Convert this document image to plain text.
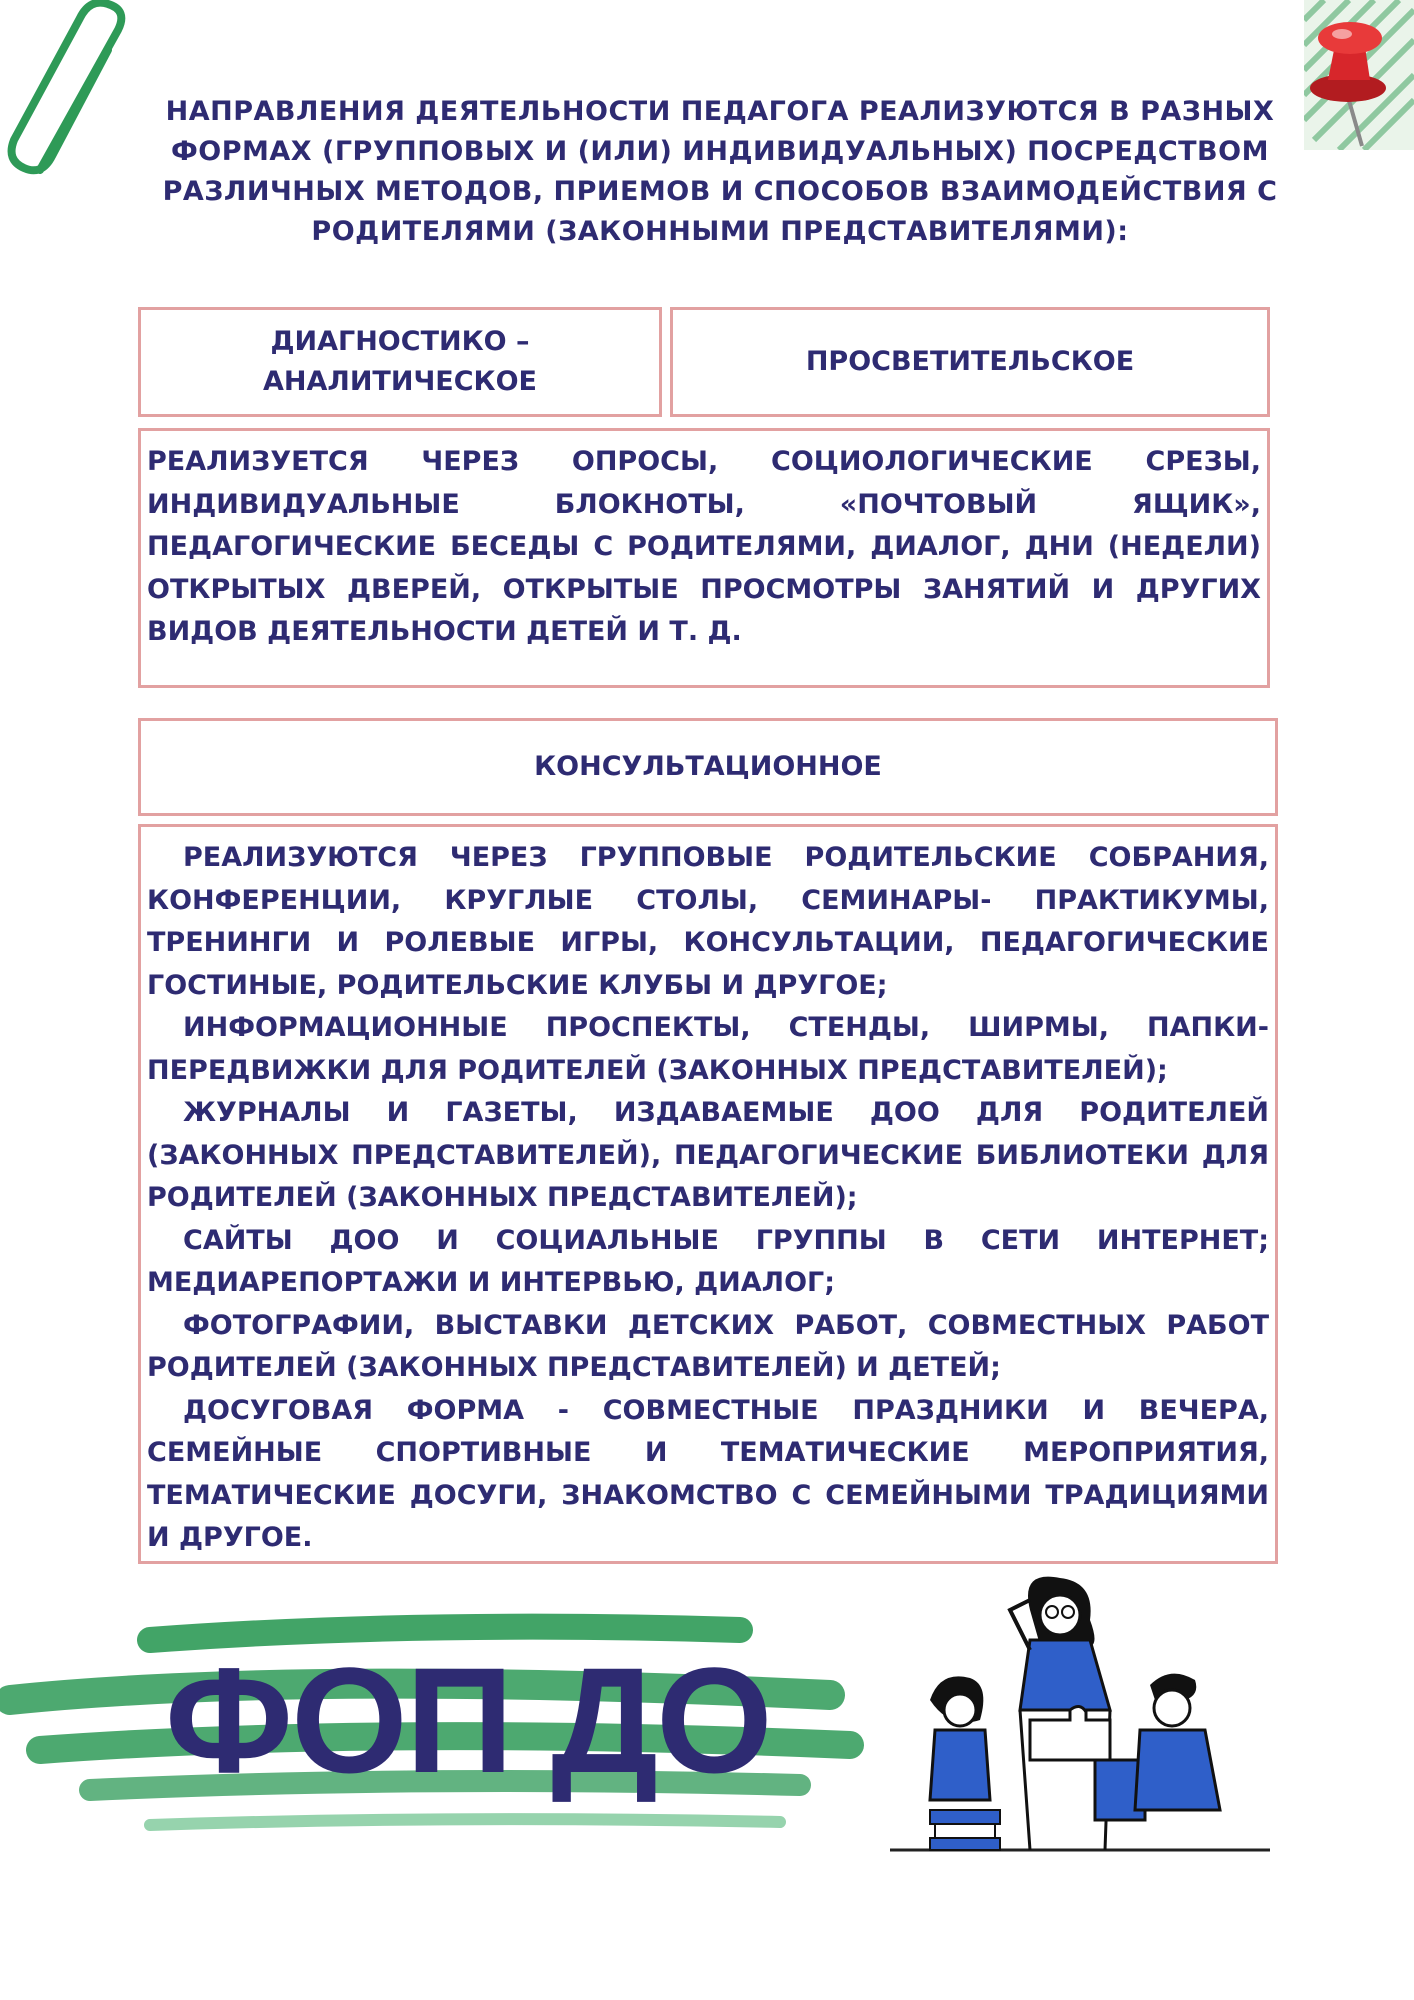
НАПРАВЛЕНИЯ ДЕЯТЕЛЬНОСТИ ПЕДАГОГА РЕАЛИЗУЮТСЯ В РАЗНЫХ ФОРМАХ (ГРУППОВЫХ И (ИЛИ) ИНДИВИДУАЛЬНЫХ) ПОСРЕДСТВОМ РАЗЛИЧНЫХ МЕТОДОВ, ПРИЕМОВ И СПОСОБОВ ВЗАИМОДЕЙСТВИЯ С РОДИТЕЛЯМИ (ЗАКОННЫМИ ПРЕДСТАВИТЕЛЯМИ):
ДИАГНОСТИКО – АНАЛИТИЧЕСКОЕ
ПРОСВЕТИТЕЛЬСКОЕ

РЕАЛИЗУЕТСЯ ЧЕРЕЗ ОПРОСЫ, СОЦИОЛОГИЧЕСКИЕ СРЕЗЫ, ИНДИВИДУАЛЬНЫЕ БЛОКНОТЫ, «ПОЧТОВЫЙ ЯЩИК», ПЕДАГОГИЧЕСКИЕ БЕСЕДЫ С РОДИТЕЛЯМИ, ДИАЛОГ, ДНИ (НЕДЕЛИ) ОТКРЫТЫХ ДВЕРЕЙ, ОТКРЫТЫЕ ПРОСМОТРЫ ЗАНЯТИЙ И ДРУГИХ ВИДОВ ДЕЯТЕЛЬНОСТИ ДЕТЕЙ И Т. Д.

КОНСУЛЬТАЦИОННОЕ

РЕАЛИЗУЮТСЯ ЧЕРЕЗ ГРУППОВЫЕ РОДИТЕЛЬСКИЕ СОБРАНИЯ, КОНФЕРЕНЦИИ, КРУГЛЫЕ СТОЛЫ, СЕМИНАРЫ- ПРАКТИКУМЫ, ТРЕНИНГИ И РОЛЕВЫЕ ИГРЫ, КОНСУЛЬТАЦИИ, ПЕДАГОГИЧЕСКИЕ ГОСТИНЫЕ, РОДИТЕЛЬСКИЕ КЛУБЫ И ДРУГОЕ;

ИНФОРМАЦИОННЫЕ ПРОСПЕКТЫ, СТЕНДЫ, ШИРМЫ, ПАПКИ-ПЕРЕДВИЖКИ ДЛЯ РОДИТЕЛЕЙ (ЗАКОННЫХ ПРЕДСТАВИТЕЛЕЙ);

ЖУРНАЛЫ И ГАЗЕТЫ, ИЗДАВАЕМЫЕ ДОО ДЛЯ РОДИТЕЛЕЙ (ЗАКОННЫХ ПРЕДСТАВИТЕЛЕЙ), ПЕДАГОГИЧЕСКИЕ БИБЛИОТЕКИ ДЛЯ РОДИТЕЛЕЙ (ЗАКОННЫХ ПРЕДСТАВИТЕЛЕЙ);

САЙТЫ ДОО И СОЦИАЛЬНЫЕ ГРУППЫ В СЕТИ ИНТЕРНЕТ; МЕДИАРЕПОРТАЖИ И ИНТЕРВЬЮ, ДИАЛОГ;

ФОТОГРАФИИ, ВЫСТАВКИ ДЕТСКИХ РАБОТ, СОВМЕСТНЫХ РАБОТ РОДИТЕЛЕЙ (ЗАКОННЫХ ПРЕДСТАВИТЕЛЕЙ) И ДЕТЕЙ;

ДОСУГОВАЯ ФОРМА - СОВМЕСТНЫЕ ПРАЗДНИКИ И ВЕЧЕРА, СЕМЕЙНЫЕ СПОРТИВНЫЕ И ТЕМАТИЧЕСКИЕ МЕРОПРИЯТИЯ, ТЕМАТИЧЕСКИЕ ДОСУГИ, ЗНАКОМСТВО С СЕМЕЙНЫМИ ТРАДИЦИЯМИ И ДРУГОЕ.

ФОП ДО
